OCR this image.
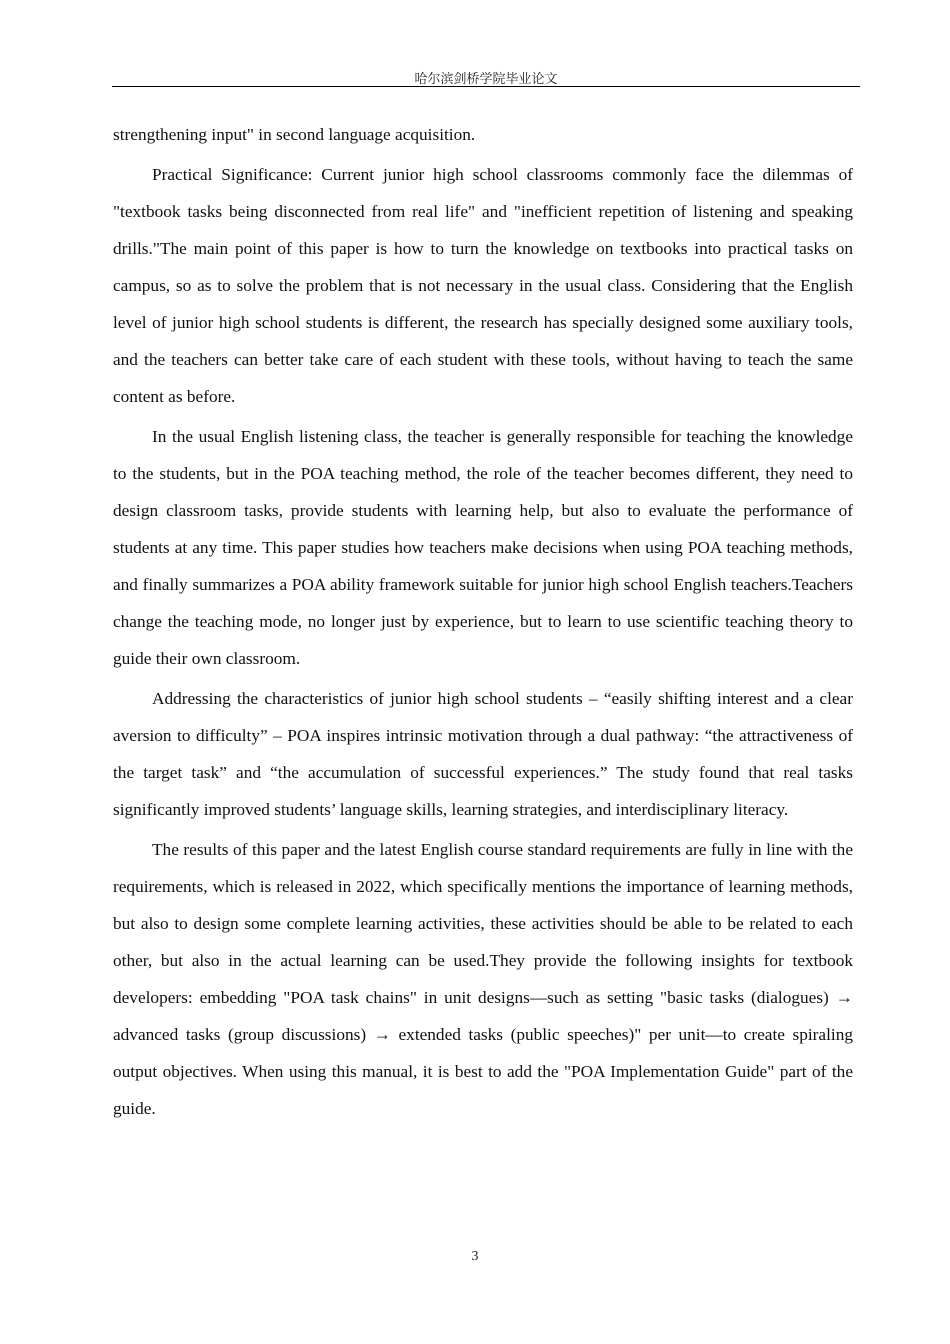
哈尔滨剑桥学院毕业论文

strengthening input" in second language acquisition.

Practical Significance: Current junior high school classrooms commonly face the dilemmas of "textbook tasks being disconnected from real life" and "inefficient repetition of listening and speaking drills."The main point of this paper is how to turn the knowledge on textbooks into practical tasks on campus, so as to solve the problem that is not necessary in the usual class. Considering that the English level of junior high school students is different, the research has specially designed some auxiliary tools, and the teachers can better take care of each student with these tools, without having to teach the same content as before.

In the usual English listening class, the teacher is generally responsible for teaching the knowledge to the students, but in the POA teaching method, the role of the teacher becomes different, they need to design classroom tasks, provide students with learning help, but also to evaluate the performance of students at any time. This paper studies how teachers make decisions when using POA teaching methods, and finally summarizes a POA ability framework suitable for junior high school English teachers.Teachers change the teaching mode, no longer just by experience, but to learn to use scientific teaching theory to guide their own classroom.

Addressing the characteristics of junior high school students – “easily shifting interest and a clear aversion to difficulty” – POA inspires intrinsic motivation through a dual pathway: “the attractiveness of the target task” and “the accumulation of successful experiences.” The study found that real tasks significantly improved students’ language skills, learning strategies, and interdisciplinary literacy.

The results of this paper and the latest English course standard requirements are fully in line with the requirements, which is released in 2022, which specifically mentions the importance of learning methods, but also to design some complete learning activities, these activities should be able to be related to each other, but also in the actual learning can be used.They provide the following insights for textbook developers: embedding "POA task chains" in unit designs—such as setting "basic tasks (dialogues) → advanced tasks (group discussions) → extended tasks (public speeches)" per unit—to create spiraling output objectives. When using this manual, it is best to add the "POA Implementation Guide" part of the guide.

3
